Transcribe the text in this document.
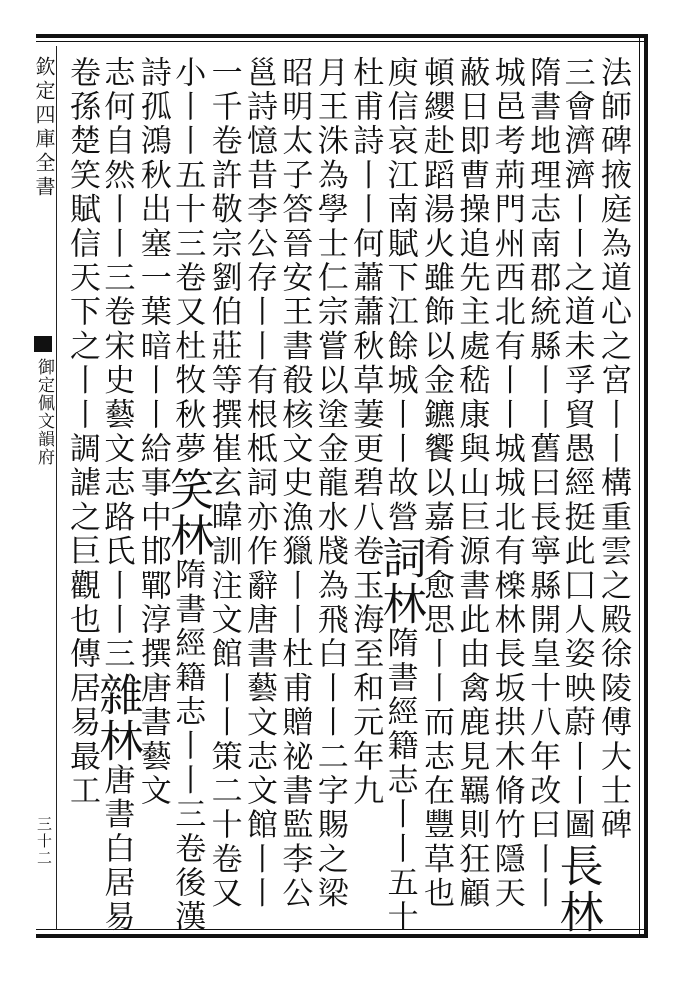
欽定四庫全書
御定佩文韻府
三十二	法師碑掖庭為道心之宮丨丨構重雲之殿徐陵傅大士碑
三會濟濟丨丨之道未孚貿愚經挺此囗人姿映蔚丨丨圖長林
隋書地理志南郡統縣丨丨舊曰長寧縣開皇十八年改曰丨丨
城邑考荊門州西北有丨丨城城北有檪林長坂拱木脩竹隱天
蔽日即曹操追先主處嵇康與山巨源書此由禽鹿見羈則狂顧
頓纓赴蹈湯火雖飾以金鑣饗以嘉肴愈思丨丨而志在豐草也
庾信哀江南賦下江餘城丨丨故營詞林隋書經籍志丨丨五十
杜甫詩丨丨何蕭蕭秋草萋更碧八卷玉海至和元年九
月王洙為學士仁宗嘗以塗金龍水牋為飛白丨丨二字賜之梁
昭明太子答晉安王書殽核文史漁獵丨丨杜甫贈祕書監李公
邕詩憶昔李公存丨丨有根柢詞亦作辭唐書藝文志文館丨丨
一千卷許敬宗劉伯莊等撰崔玄暐訓注文館丨丨策二十卷又
小丨丨五十三卷又杜牧秋夢笑林隋書經籍志丨丨三卷後漢
詩孤鴻秋出塞一葉暗丨丨給事中邯鄲淳撰唐書藝文
志何自然丨丨三卷宋史藝文志路氏丨丨三雜林唐書白居易
卷孫楚笑賦信天下之丨丨調謔之巨觀也傳居易最工
